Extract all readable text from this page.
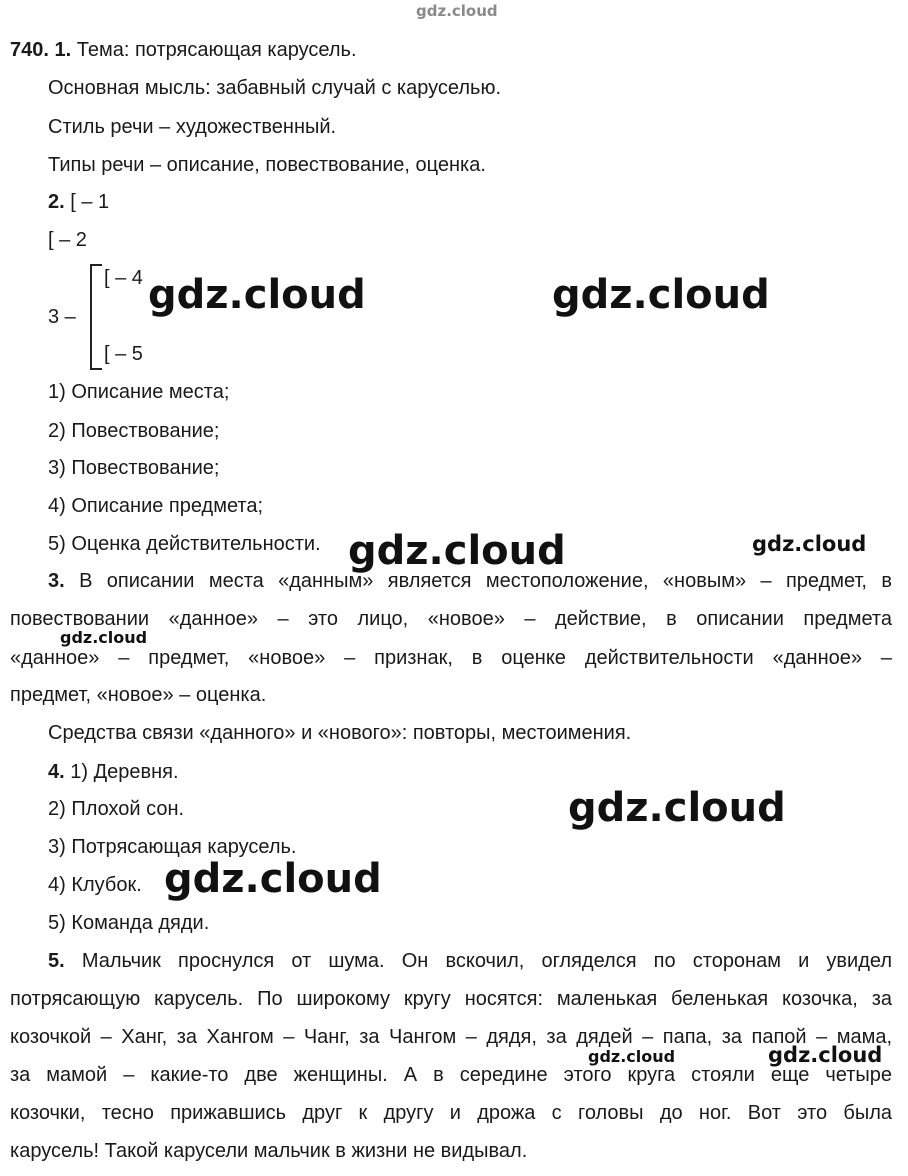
gdz.cloud
740. 1. Тема: потрясающая карусель.
Основная мысль: забавный случай с каруселью.
Стиль речи – художественный.
Типы речи – описание, повествование, оценка.
2. [ – 1
[ – 2
[ – 4
3 –
[ – 5
1) Описание места;
2) Повествование;
3) Повествование;
4) Описание предмета;
5) Оценка действительности.
3. В описании места «данным» является местоположение, «новым» – предмет, в
повествовании «данное» – это лицо, «новое» – действие, в описании предмета
«данное» – предмет, «новое» – признак, в оценке действительности «данное» –
предмет, «новое» – оценка.
Средства связи «данного» и «нового»: повторы, местоимения.
4. 1) Деревня.
2) Плохой сон.
3) Потрясающая карусель.
4) Клубок.
5) Команда дяди.
5. Мальчик проснулся от шума. Он вскочил, огляделся по сторонам и увидел
потрясающую карусель. По широкому кругу носятся: маленькая беленькая козочка, за
козочкой – Ханг, за Хангом – Чанг, за Чангом – дядя, за дядей – папа, за папой – мама,
за мамой – какие-то две женщины. А в середине этого круга стояли еще четыре
козочки, тесно прижавшись друг к другу и дрожа с головы до ног. Вот это была
карусель! Такой карусели мальчик в жизни не видывал.
gdz.cloud	gdz.cloud
gdz.cloud	gdz.cloud
gdz.cloud
gdz.cloud
gdz.cloud
gdz.cloud	gdz.cloud
